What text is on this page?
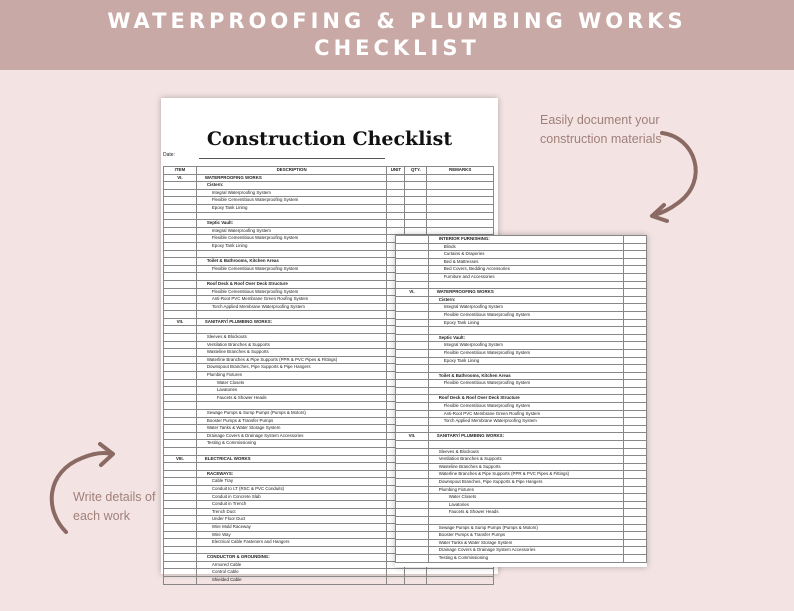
WATERPROOFING & PLUMBING WORKS
CHECKLIST
Easily document your
construction materials
Write details of
each work
Construction Checklist
Date:
ITEM	DESCRIPTION	UNIT	QTY.	REMARKS
VI.	WATERPROOFING WORKS			
	Cistern:			
	Integral Waterproofing System			
	Flexible Cementitious Waterproofing System			
	Epoxy Tank Lining			

	Septic Vault:			
	Integral Waterproofing System			
	Flexible Cementitious Waterproofing System			
	Epoxy Tank Lining			

	Toilet & Bathrooms, Kitchen Areas			
	Flexible Cementitious Waterproofing System			

	Roof Deck & Roof Over Deck Structure			
	Flexible Cementitious Waterproofing System			
	Anti-Root PVC Membrane Green Roofing System			
	Torch Applied Membrane Waterproofing System			

VII.	SANITARY/ PLUMBING WORKS:			

	Sleeves & Blockouts			
	Ventilation Branches & Supports			
	Wasteline Branches & Supports			
	Waterline Branches & Pipe Supports (PPR & PVC Pipes & Fittings)			
	Downspout Branches, Pipe Supports & Pipe Hangers			
	Plumbing Fixtures			
	Water Closets			
	Lavatories			
	Faucets & Shower Heads			

	Sewage Pumps & Sump Pumps (Pumps & Motors)			
	Booster Pumps & Transfer Pumps			
	Water Tanks & Water Storage System			
	Drainage Covers & Drainage System Accessories			
	Testing & Commissioning			

VIII.	ELECTRICAL WORKS			

	RACEWAYS:			
	Cable Tray			
	Conduit to LT (RSC & PVC Conduits)			
	Conduit in Concrete Slab			
	Conduit in Trench			
	Trench Duct			
	Under Floor Duct			
	Wire Mold Raceway			
	Wire Way			
	Electrical Cable Fasteners and Hangers			

	CONDUCTOR & GROUNDING:			
	Armored Cable			
	Control Cable			
	Shielded Cable			
	INTERIOR FURNISHING:	
	Blinds	
	Curtains & Draperies	
	Bed & Mattresses	
	Bed Covers, Bedding Accessories	
	Furniture and Accessories	

VI.	WATERPROOFING WORKS	
	Cistern:	
	Integral Waterproofing System	
	Flexible Cementitious Waterproofing System	
	Epoxy Tank Lining	

	Septic Vault:	
	Integral Waterproofing System	
	Flexible Cementitious Waterproofing System	
	Epoxy Tank Lining	

	Toilet & Bathrooms, Kitchen Areas	
	Flexible Cementitious Waterproofing System	

	Roof Deck & Roof Over Deck Structure	
	Flexible Cementitious Waterproofing System	
	Anti-Root PVC Membrane Green Roofing System	
	Torch Applied Membrane Waterproofing System	

VII.	SANITARY/ PLUMBING WORKS:	

	Sleeves & Blockouts	
	Ventilation Branches & Supports	
	Wasteline Branches & Supports	
	Waterline Branches & Pipe Supports (PPR & PVC Pipes & Fittings)	
	Downspout Branches, Pipe Supports & Pipe Hangers	
	Plumbing Fixtures	
	Water Closets	
	Lavatories	
	Faucets & Shower Heads	

	Sewage Pumps & Sump Pumps (Pumps & Motors)	
	Booster Pumps & Transfer Pumps	
	Water Tanks & Water Storage System	
	Drainage Covers & Drainage System Accessories	
	Testing & Commissioning	
